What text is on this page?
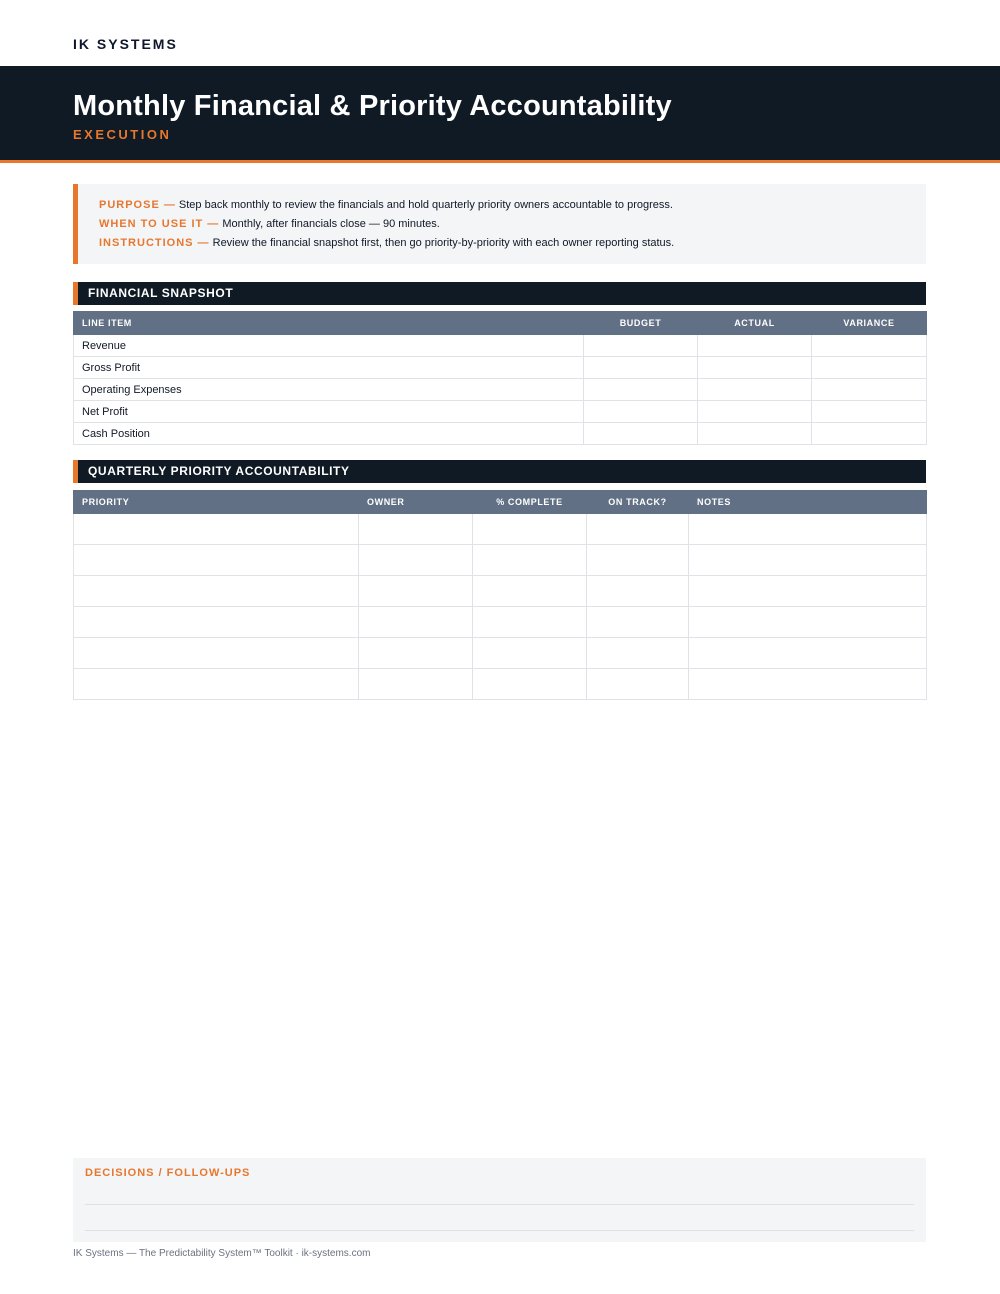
IK SYSTEMS
Monthly Financial & Priority Accountability
EXECUTION
PURPOSE — Step back monthly to review the financials and hold quarterly priority owners accountable to progress.
WHEN TO USE IT — Monthly, after financials close — 90 minutes.
INSTRUCTIONS — Review the financial snapshot first, then go priority-by-priority with each owner reporting status.
FINANCIAL SNAPSHOT
LINE ITEM	BUDGET	ACTUAL	VARIANCE
Revenue			
Gross Profit			
Operating Expenses			
Net Profit			
Cash Position			
QUARTERLY PRIORITY ACCOUNTABILITY
PRIORITY	OWNER	% COMPLETE	ON TRACK?	NOTES

DECISIONS / FOLLOW-UPS
IK Systems — The Predictability System™ Toolkit · ik-systems.com
